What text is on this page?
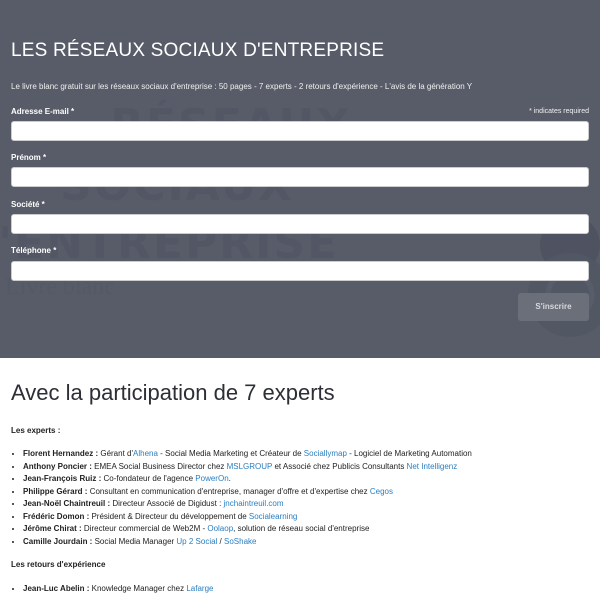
LES RÉSEAUX SOCIAUX D'ENTREPRISE
Le livre blanc gratuit sur les réseaux sociaux d'entreprise : 50 pages - 7 experts - 2 retours d'expérience - L'avis de la génération Y
* indicates required
Adresse E-mail *
Prénom *
Société *
Téléphone *
S'inscrire
Avec la participation de 7 experts
Les experts :
• Florent Hernandez : Gérant d'Alhena - Social Media Marketing et Créateur de Sociallymap - Logiciel de Marketing Automation
• Anthony Poncier : EMEA Social Business Director chez MSLGROUP et Associé chez Publicis Consultants Net Intelligenz
• Jean-François Ruiz : Co-fondateur de l'agence PowerOn.
• Philippe Gérard : Consultant en communication d'entreprise, manager d'offre et d'expertise chez Cegos
• Jean-Noël Chaintreuil : Directeur Associé de Digidust : jnchaintreuil.com
• Frédéric Domon : Président & Directeur du développement de Socialearning
• Jérôme Chirat : Directeur commercial de Web2M - Oolaop, solution de réseau social d'entreprise
• Camille Jourdain : Social Media Manager Up 2 Social / SoShake
Les retours d'expérience
• Jean-Luc Abelin : Knowledge Manager chez Lafarge
